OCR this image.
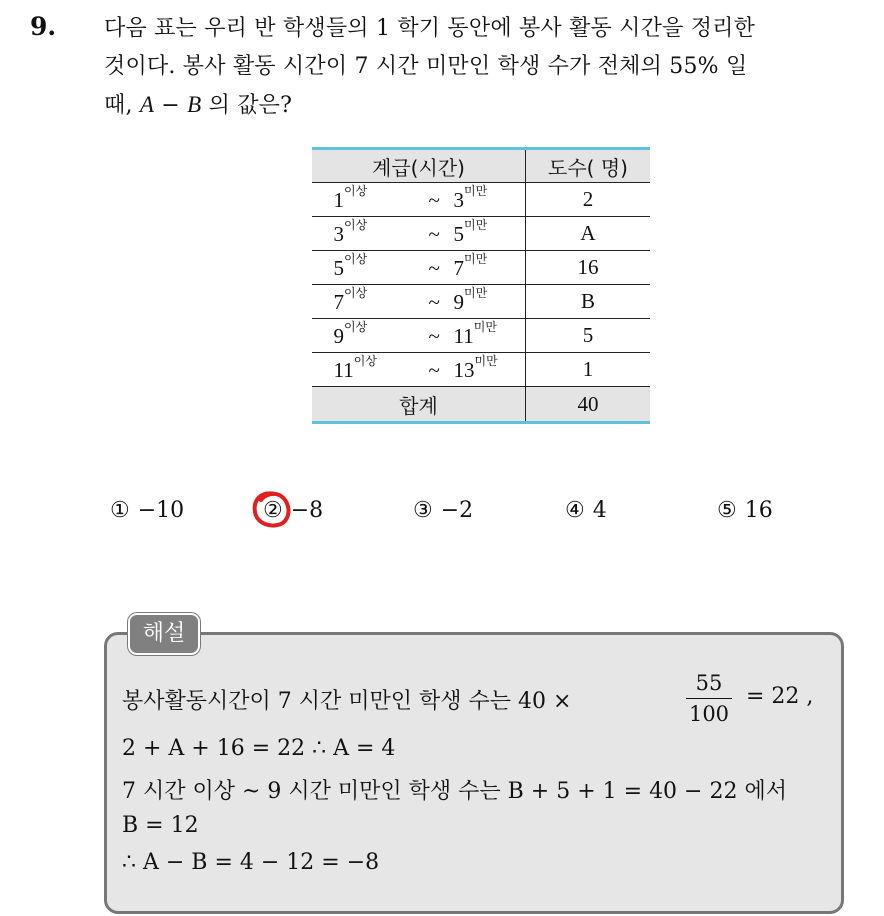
9. 다음 표는 우리 반 학생들의 1 학기 동안에 봉사 활동 시간을 정리한
것이다. 봉사 활동 시간이 7 시간 미만인 학생 수가 전체의 55% 일
때, A − B 의 값은?
계급(시간)	도수( 명)
$1^{이상}$ ~ $3^{미만}$	2
$3^{이상}$ ~ $5^{미만}$	A
$5^{이상}$ ~ $7^{미만}$	16
$7^{이상}$ ~ $9^{미만}$	B
$9^{이상}$ ~ $11^{미만}$	5
$11^{이상}$ ~ $13^{미만}$	1
합계	40
① −10	② −8	③ −2	④ 4	⑤ 16
해설
봉사활동시간이 7 시간 미만인 학생 수는 40 ×
55
100
= 22 ,
2 + A + 16 = 22 ∴ A = 4
7 시간 이상 ~ 9 시간 미만인 학생 수는 B + 5 + 1 = 40 − 22 에서
B = 12
∴ A − B = 4 − 12 = −8
